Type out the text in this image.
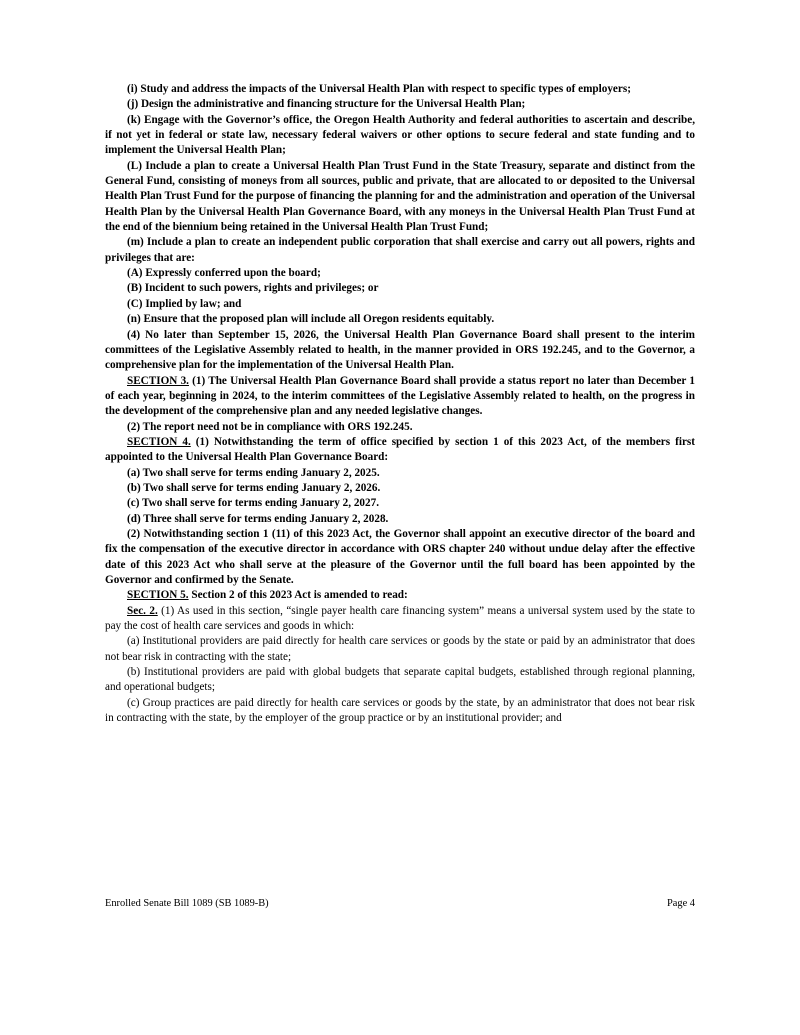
(i) Study and address the impacts of the Universal Health Plan with respect to specific types of employers;

(j) Design the administrative and financing structure for the Universal Health Plan;

(k) Engage with the Governor’s office, the Oregon Health Authority and federal authorities to ascertain and describe, if not yet in federal or state law, necessary federal waivers or other options to secure federal and state funding and to implement the Universal Health Plan;

(L) Include a plan to create a Universal Health Plan Trust Fund in the State Treasury, separate and distinct from the General Fund, consisting of moneys from all sources, public and private, that are allocated to or deposited to the Universal Health Plan Trust Fund for the purpose of financing the planning for and the administration and operation of the Universal Health Plan by the Universal Health Plan Governance Board, with any moneys in the Universal Health Plan Trust Fund at the end of the biennium being retained in the Universal Health Plan Trust Fund;

(m) Include a plan to create an independent public corporation that shall exercise and carry out all powers, rights and privileges that are:

(A) Expressly conferred upon the board;

(B) Incident to such powers, rights and privileges; or

(C) Implied by law; and

(n) Ensure that the proposed plan will include all Oregon residents equitably.

(4) No later than September 15, 2026, the Universal Health Plan Governance Board shall present to the interim committees of the Legislative Assembly related to health, in the manner provided in ORS 192.245, and to the Governor, a comprehensive plan for the implementation of the Universal Health Plan.

SECTION 3. (1) The Universal Health Plan Governance Board shall provide a status report no later than December 1 of each year, beginning in 2024, to the interim committees of the Legislative Assembly related to health, on the progress in the development of the comprehensive plan and any needed legislative changes.

(2) The report need not be in compliance with ORS 192.245.

SECTION 4. (1) Notwithstanding the term of office specified by section 1 of this 2023 Act, of the members first appointed to the Universal Health Plan Governance Board:

(a) Two shall serve for terms ending January 2, 2025.

(b) Two shall serve for terms ending January 2, 2026.

(c) Two shall serve for terms ending January 2, 2027.

(d) Three shall serve for terms ending January 2, 2028.

(2) Notwithstanding section 1 (11) of this 2023 Act, the Governor shall appoint an executive director of the board and fix the compensation of the executive director in accordance with ORS chapter 240 without undue delay after the effective date of this 2023 Act who shall serve at the pleasure of the Governor until the full board has been appointed by the Governor and confirmed by the Senate.

SECTION 5. Section 2 of this 2023 Act is amended to read:

Sec. 2. (1) As used in this section, “single payer health care financing system” means a universal system used by the state to pay the cost of health care services and goods in which:

(a) Institutional providers are paid directly for health care services or goods by the state or paid by an administrator that does not bear risk in contracting with the state;

(b) Institutional providers are paid with global budgets that separate capital budgets, established through regional planning, and operational budgets;

(c) Group practices are paid directly for health care services or goods by the state, by an administrator that does not bear risk in contracting with the state, by the employer of the group practice or by an institutional provider; and

Enrolled Senate Bill 1089 (SB 1089-B)	Page 4
